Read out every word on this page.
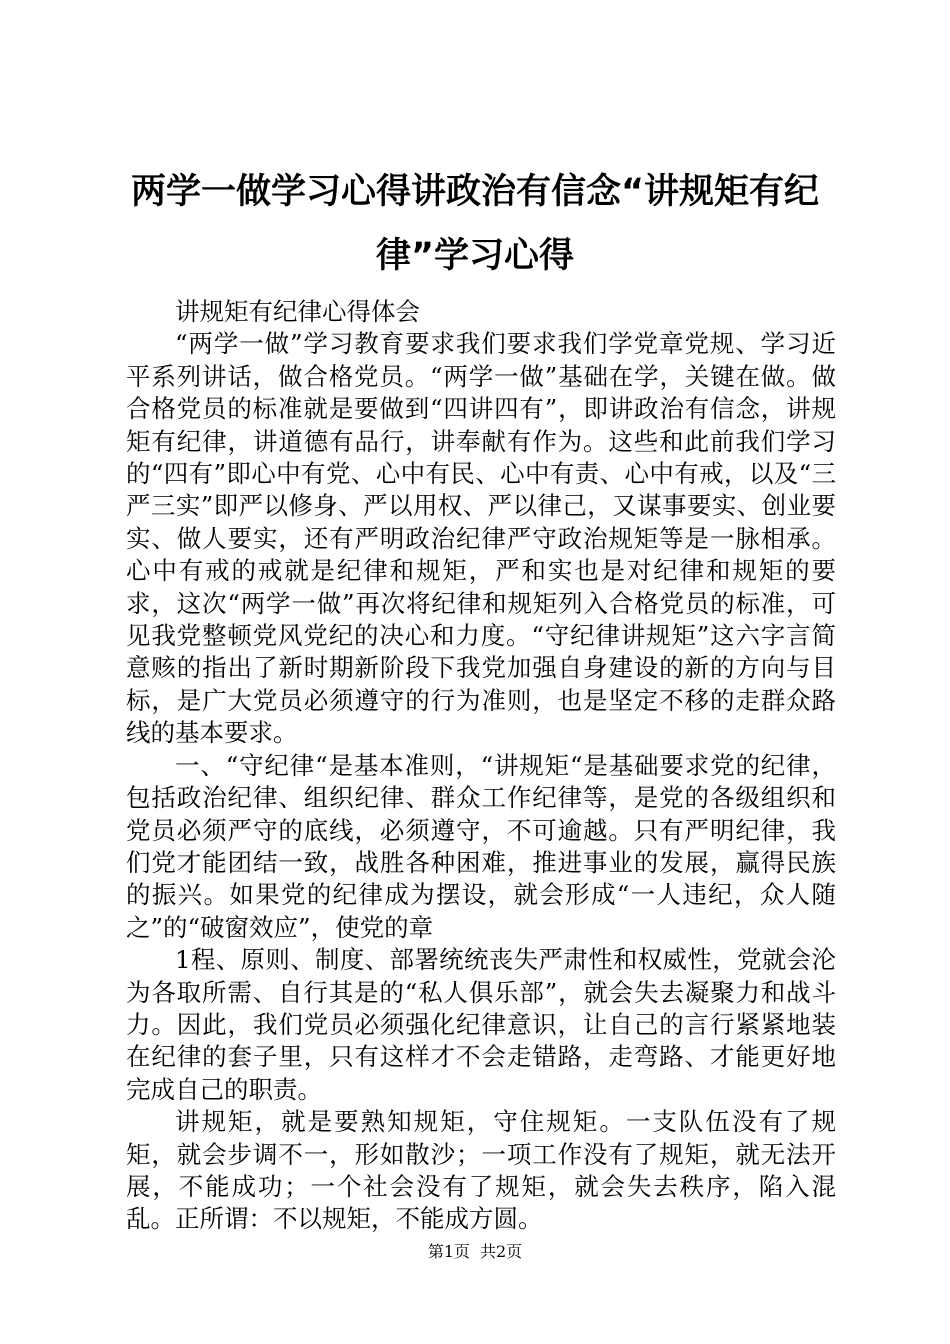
两学一做学习心得讲政治有信念“讲规矩有纪律”学习心得

讲规矩有纪律心得体会

“两学一做”学习教育要求我们要求我们学党章党规、学习近平系列讲话，做合格党员。“两学一做”基础在学，关键在做。做合格党员的标准就是要做到“四讲四有”，即讲政治有信念，讲规矩有纪律，讲道德有品行，讲奉献有作为。这些和此前我们学习的“四有”即心中有党、心中有民、心中有责、心中有戒，以及“三严三实”即严以修身、严以用权、严以律己，又谋事要实、创业要实、做人要实，还有严明政治纪律严守政治规矩等是一脉相承。心中有戒的戒就是纪律和规矩，严和实也是对纪律和规矩的要求，这次“两学一做”再次将纪律和规矩列入合格党员的标准，可见我党整顿党风党纪的决心和力度。“守纪律讲规矩”这六字言简意赅的指出了新时期新阶段下我党加强自身建设的新的方向与目标，是广大党员必须遵守的行为准则，也是坚定不移的走群众路线的基本要求。

一、“守纪律“是基本准则，“讲规矩“是基础要求党的纪律，包括政治纪律、组织纪律、群众工作纪律等，是党的各级组织和党员必须严守的底线，必须遵守，不可逾越。只有严明纪律，我们党才能团结一致，战胜各种困难，推进事业的发展，赢得民族的振兴。如果党的纪律成为摆设，就会形成“一人违纪，众人随之”的“破窗效应”，使党的章

1程、原则、制度、部署统统丧失严肃性和权威性，党就会沦为各取所需、自行其是的“私人俱乐部”，就会失去凝聚力和战斗力。因此，我们党员必须强化纪律意识，让自己的言行紧紧地装在纪律的套子里，只有这样才不会走错路，走弯路、才能更好地完成自己的职责。

讲规矩，就是要熟知规矩，守住规矩。一支队伍没有了规矩，就会步调不一，形如散沙；一项工作没有了规矩，就无法开展，不能成功；一个社会没有了规矩，就会失去秩序，陷入混乱。正所谓：不以规矩，不能成方圆。

第1页 共2页
